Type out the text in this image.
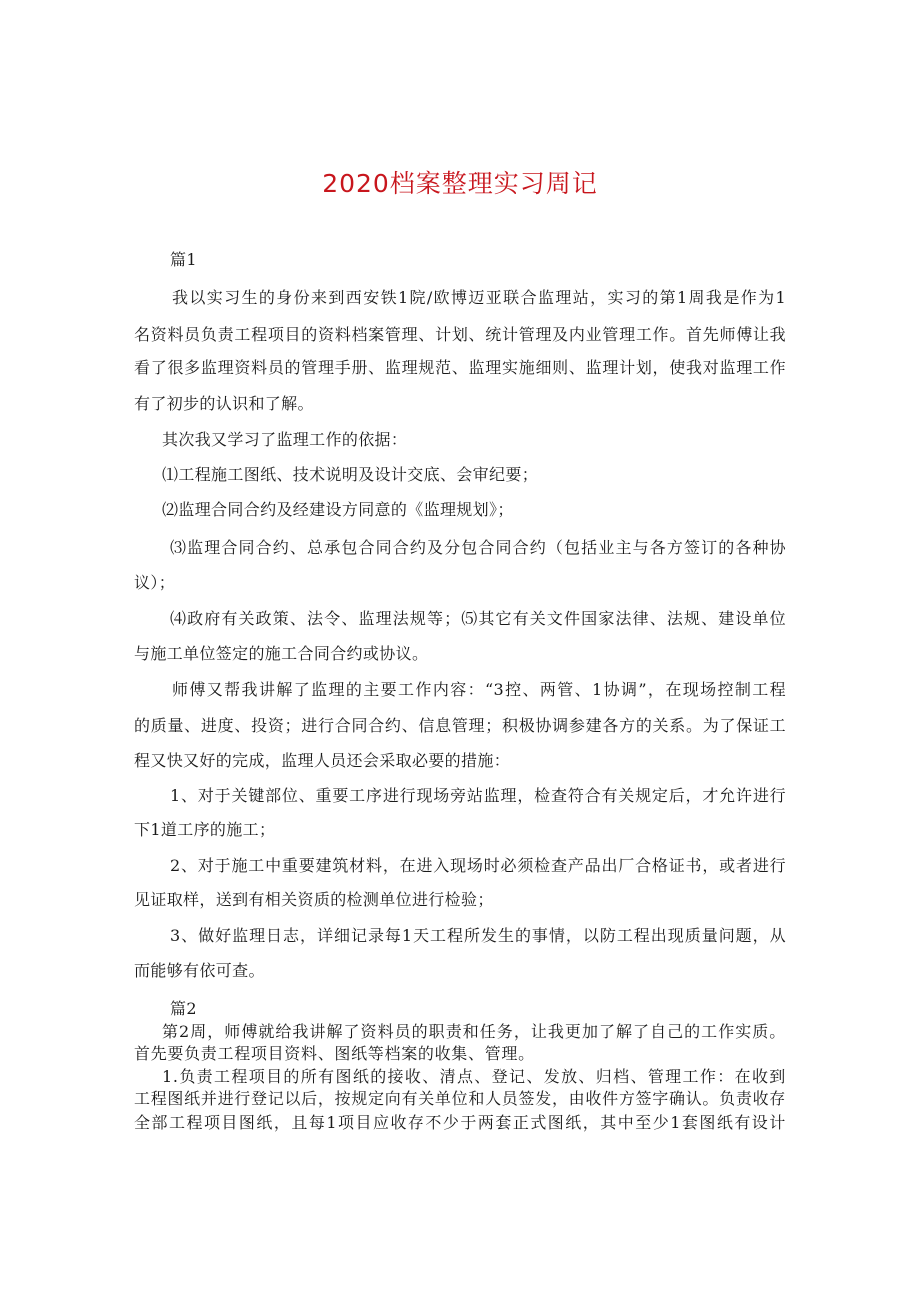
2020档案整理实习周记
篇1
我以实习生的身份来到西安铁1院/欧博迈亚联合监理站，实习的第1周我是作为1
名资料员负责工程项目的资料档案管理、计划、统计管理及内业管理工作。首先师傅让我
看了很多监理资料员的管理手册、监理规范、监理实施细则、监理计划，使我对监理工作
有了初步的认识和了解。
其次我又学习了监理工作的依据：
⑴工程施工图纸、技术说明及设计交底、会审纪要；
⑵监理合同合约及经建设方同意的《监理规划》；
⑶监理合同合约、总承包合同合约及分包合同合约（包括业主与各方签订的各种协
议）；
⑷政府有关政策、法令、监理法规等；⑸其它有关文件国家法律、法规、建设单位
与施工单位签定的施工合同合约或协议。
师傅又帮我讲解了监理的主要工作内容：“3控、两管、1协调”，在现场控制工程
的质量、进度、投资；进行合同合约、信息管理；积极协调参建各方的关系。为了保证工
程又快又好的完成，监理人员还会采取必要的措施：
1、对于关键部位、重要工序进行现场旁站监理，检查符合有关规定后，才允许进行
下1道工序的施工；
2、对于施工中重要建筑材料，在进入现场时必须检查产品出厂合格证书，或者进行
见证取样，送到有相关资质的检测单位进行检验；
3、做好监理日志，详细记录每1天工程所发生的事情，以防工程出现质量问题，从
而能够有依可查。
篇2
第2周，师傅就给我讲解了资料员的职责和任务，让我更加了解了自己的工作实质。
首先要负责工程项目资料、图纸等档案的收集、管理。
1.负责工程项目的所有图纸的接收、清点、登记、发放、归档、管理工作：在收到
工程图纸并进行登记以后，按规定向有关单位和人员签发，由收件方签字确认。负责收存
全部工程项目图纸，且每1项目应收存不少于两套正式图纸，其中至少1套图纸有设计
